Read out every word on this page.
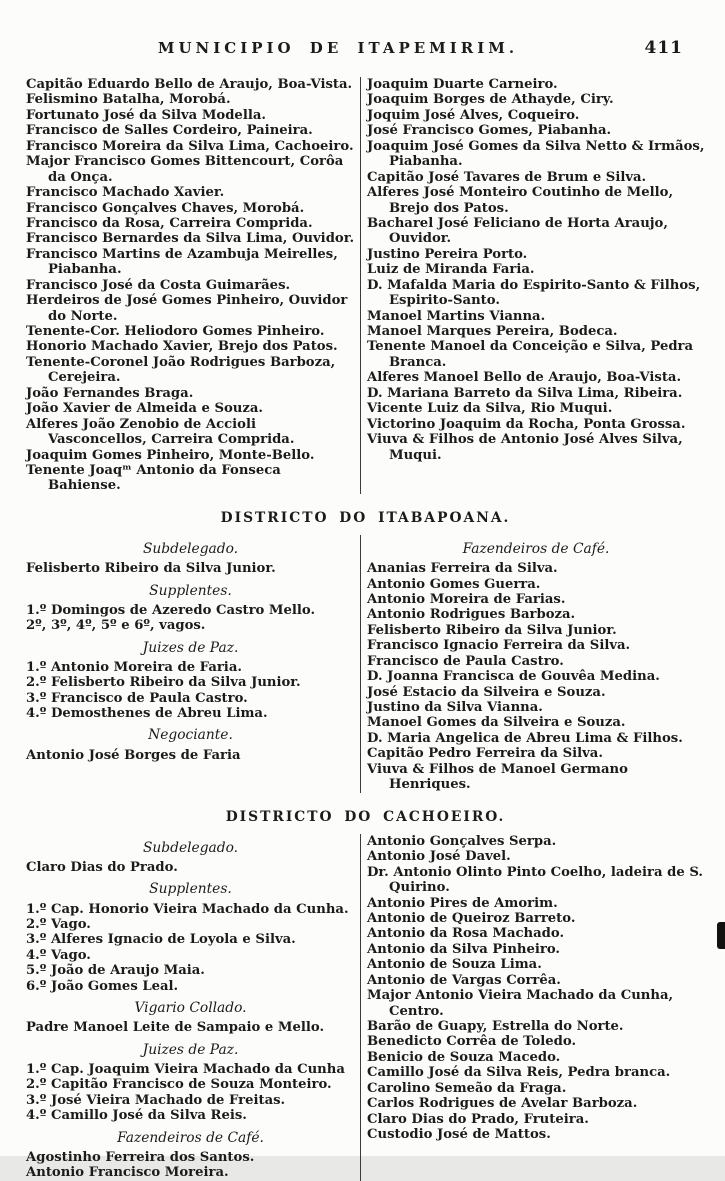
MUNICIPIO DE ITAPEMIRIM.	411
Capitão Eduardo Bello de Araujo, Boa-Vista.
Felismino Batalha, Morobá.
Fortunato José da Silva Modella.
Francisco de Salles Cordeiro, Paineira.
Francisco Moreira da Silva Lima, Cachoeiro.
Major Francisco Gomes Bittencourt, Corôa da Onça.
Francisco Machado Xavier.
Francisco Gonçalves Chaves, Morobá.
Francisco da Rosa, Carreira Comprida.
Francisco Bernardes da Silva Lima, Ouvidor.
Francisco Martins de Azambuja Meirelles, Piabanha.
Francisco José da Costa Guimarães.
Herdeiros de José Gomes Pinheiro, Ouvidor do Norte.
Tenente-Cor. Heliodoro Gomes Pinheiro.
Honorio Machado Xavier, Brejo dos Patos.
Tenente-Coronel João Rodrigues Barboza, Cerejeira.
João Fernandes Braga.
João Xavier de Almeida e Souza.
Alferes João Zenobio de Accioli Vasconcellos, Carreira Comprida.
Joaquim Gomes Pinheiro, Monte-Bello.
Tenente Joaqᵐ Antonio da Fonseca Bahiense.
Joaquim Duarte Carneiro.
Joaquim Borges de Athayde, Ciry.
Joquim José Alves, Coqueiro.
José Francisco Gomes, Piabanha.
Joaquim José Gomes da Silva Netto & Irmãos, Piabanha.
Capitão José Tavares de Brum e Silva.
Alferes José Monteiro Coutinho de Mello, Brejo dos Patos.
Bacharel José Feliciano de Horta Araujo, Ouvidor.
Justino Pereira Porto.
Luiz de Miranda Faria.
D. Mafalda Maria do Espirito-Santo & Filhos, Espirito-Santo.
Manoel Martins Vianna.
Manoel Marques Pereira, Bodeca.
Tenente Manoel da Conceição e Silva, Pedra Branca.
Alferes Manoel Bello de Araujo, Boa-Vista.
D. Mariana Barreto da Silva Lima, Ribeira.
Vicente Luiz da Silva, Rio Muqui.
Victorino Joaquim da Rocha, Ponta Grossa.
Viuva & Filhos de Antonio José Alves Silva, Muqui.
DISTRICTO DO ITABAPOANA.
Subdelegado.
Felisberto Ribeiro da Silva Junior.
Supplentes.
1.º Domingos de Azeredo Castro Mello.
2º, 3º, 4º, 5º e 6º, vagos.
Juizes de Paz.
1.º Antonio Moreira de Faria.
2.º Felisberto Ribeiro da Silva Junior.
3.º Francisco de Paula Castro.
4.º Demosthenes de Abreu Lima.
Negociante.
Antonio José Borges de Faria
Fazendeiros de Café.
Ananias Ferreira da Silva.
Antonio Gomes Guerra.
Antonio Moreira de Farias.
Antonio Rodrigues Barboza.
Felisberto Ribeiro da Silva Junior.
Francisco Ignacio Ferreira da Silva.
Francisco de Paula Castro.
D. Joanna Francisca de Gouvêa Medina.
José Estacio da Silveira e Souza.
Justino da Silva Vianna.
Manoel Gomes da Silveira e Souza.
D. Maria Angelica de Abreu Lima & Filhos.
Capitão Pedro Ferreira da Silva.
Viuva & Filhos de Manoel Germano Henriques.
DISTRICTO DO CACHOEIRO.
Subdelegado.
Claro Dias do Prado.
Supplentes.
1.º Cap. Honorio Vieira Machado da Cunha.
2.º Vago.
3.º Alferes Ignacio de Loyola e Silva.
4.º Vago.
5.º João de Araujo Maia.
6.º João Gomes Leal.
Vigario Collado.
Padre Manoel Leite de Sampaio e Mello.
Juizes de Paz.
1.º Cap. Joaquim Vieira Machado da Cunha
2.º Capitão Francisco de Souza Monteiro.
3.º José Vieira Machado de Freitas.
4.º Camillo José da Silva Reis.
Fazendeiros de Café.
Agostinho Ferreira dos Santos.
Antonio Francisco Moreira.
Antonio Gonçalves Serpa.
Antonio José Davel.
Dr. Antonio Olinto Pinto Coelho, ladeira de S. Quirino.
Antonio Pires de Amorim.
Antonio de Queiroz Barreto.
Antonio da Rosa Machado.
Antonio da Silva Pinheiro.
Antonio de Souza Lima.
Antonio de Vargas Corrêa.
Major Antonio Vieira Machado da Cunha, Centro.
Barão de Guapy, Estrella do Norte.
Benedicto Corrêa de Toledo.
Benicio de Souza Macedo.
Camillo José da Silva Reis, Pedra branca.
Carolino Semeão da Fraga.
Carlos Rodrigues de Avelar Barboza.
Claro Dias do Prado, Fruteira.
Custodio José de Mattos.
